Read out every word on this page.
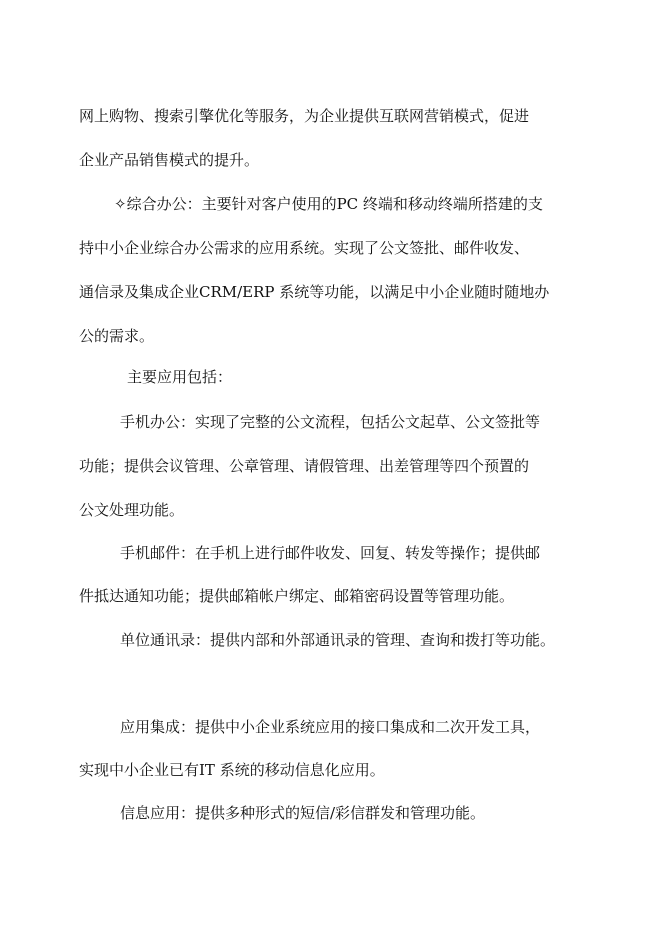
网上购物、搜索引擎优化等服务，为企业提供互联网营销模式，促进
企业产品销售模式的提升。
✧综合办公：主要针对客户使用的PC 终端和移动终端所搭建的支
持中小企业综合办公需求的应用系统。实现了公文签批、邮件收发、
通信录及集成企业CRM/ERP 系统等功能，以满足中小企业随时随地办
公的需求。
主要应用包括：
手机办公：实现了完整的公文流程，包括公文起草、公文签批等
功能；提供会议管理、公章管理、请假管理、出差管理等四个预置的
公文处理功能。
手机邮件：在手机上进行邮件收发、回复、转发等操作；提供邮
件抵达通知功能；提供邮箱帐户绑定、邮箱密码设置等管理功能。
单位通讯录：提供内部和外部通讯录的管理、查询和拨打等功能。
应用集成：提供中小企业系统应用的接口集成和二次开发工具，
实现中小企业已有IT 系统的移动信息化应用。
信息应用：提供多种形式的短信/彩信群发和管理功能。
